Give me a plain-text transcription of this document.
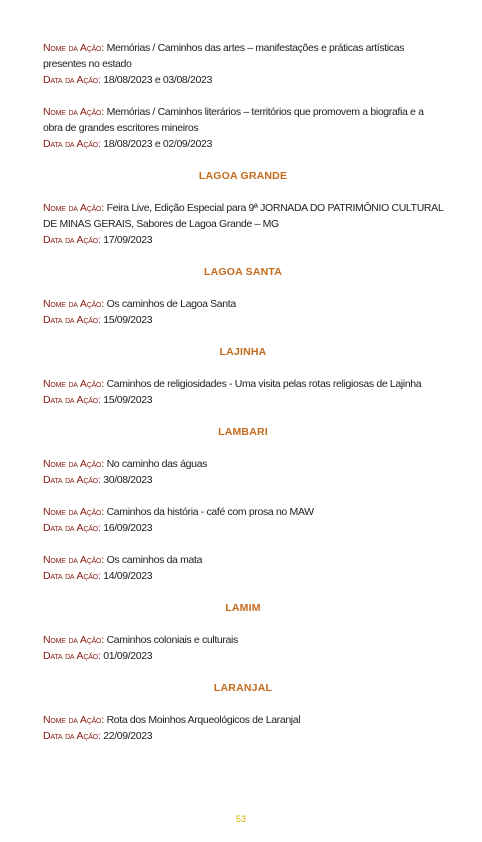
Nome da Ação: Memórias / Caminhos das artes – manifestações e práticas artísticas presentes no estado
Data da Ação: 18/08/2023 e 03/08/2023
Nome da Ação: Memórias / Caminhos literários – territórios que promovem a biografia e a obra de grandes escritores mineiros
Data da Ação: 18/08/2023 e 02/09/2023
LAGOA GRANDE
Nome da Ação: Feira Live, Edição Especial para 9ª JORNADA DO PATRIMÔNIO CULTURAL DE MINAS GERAIS, Sabores de Lagoa Grande – MG
Data da Ação: 17/09/2023
LAGOA SANTA
Nome da Ação: Os caminhos de Lagoa Santa
Data da Ação: 15/09/2023
LAJINHA
Nome da Ação: Caminhos de religiosidades - Uma visita pelas rotas religiosas de Lajinha
Data da Ação: 15/09/2023
LAMBARI
Nome da Ação: No caminho das águas
Data da Ação: 30/08/2023
Nome da Ação: Caminhos da história - café com prosa no MAW
Data da Ação: 16/09/2023
Nome da Ação: Os caminhos da mata
Data da Ação: 14/09/2023
LAMIM
Nome da Ação: Caminhos coloniais e culturais
Data da Ação: 01/09/2023
LARANJAL
Nome da Ação: Rota dos Moinhos Arqueológicos de Laranjal
Data da Ação: 22/09/2023
53
